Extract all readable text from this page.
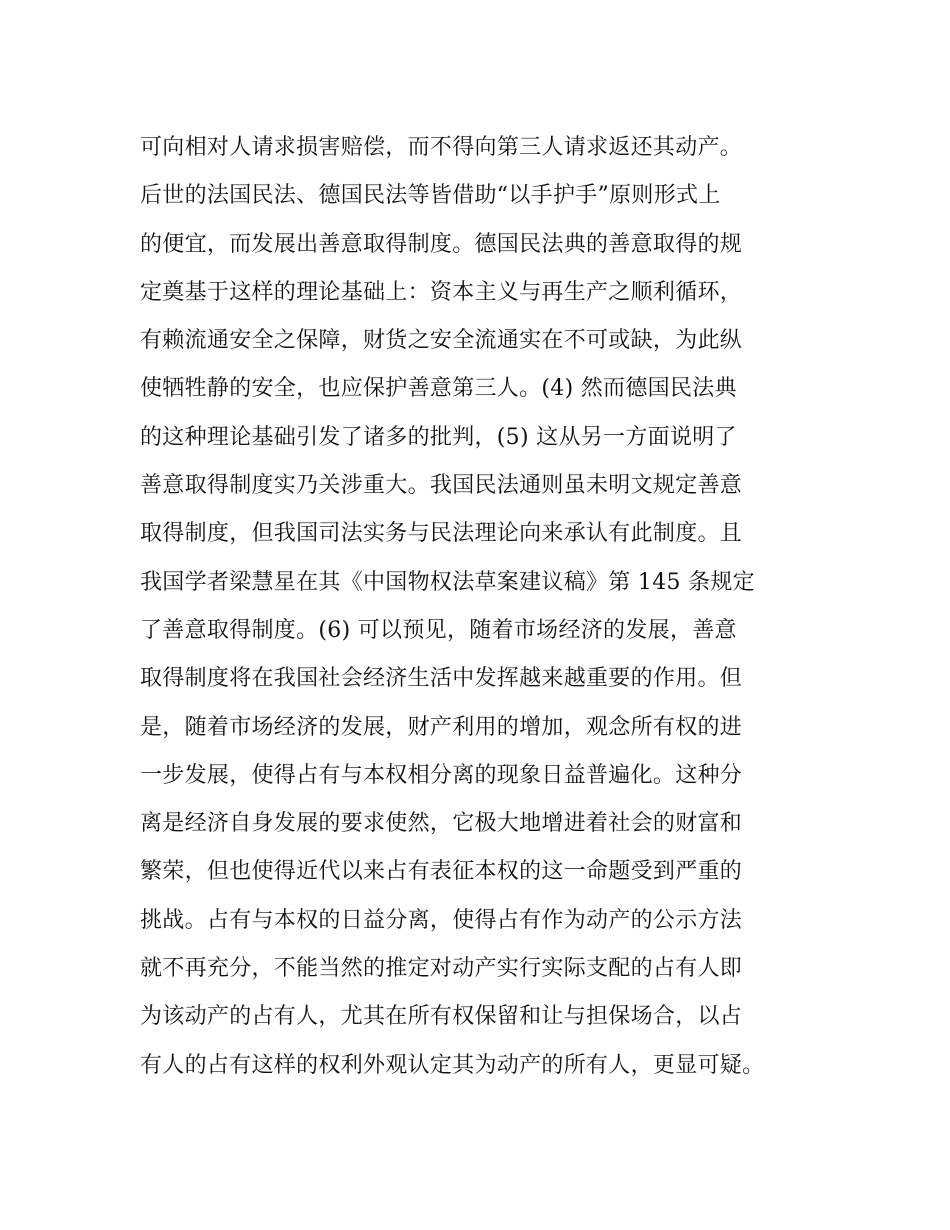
可向相对人请求损害赔偿，而不得向第三人请求返还其动产。
后世的法国民法、德国民法等皆借助“以手护手”原则形式上
的便宜，而发展出善意取得制度。德国民法典的善意取得的规
定奠基于这样的理论基础上：资本主义与再生产之顺利循环，
有赖流通安全之保障，财货之安全流通实在不可或缺，为此纵
使牺牲静的安全，也应保护善意第三人。(4) 然而德国民法典
的这种理论基础引发了诸多的批判，(5) 这从另一方面说明了
善意取得制度实乃关涉重大。我国民法通则虽未明文规定善意
取得制度，但我国司法实务与民法理论向来承认有此制度。且
我国学者梁慧星在其《中国物权法草案建议稿》第 145 条规定
了善意取得制度。(6) 可以预见，随着市场经济的发展，善意
取得制度将在我国社会经济生活中发挥越来越重要的作用。但
是，随着市场经济的发展，财产利用的增加，观念所有权的进
一步发展，使得占有与本权相分离的现象日益普遍化。这种分
离是经济自身发展的要求使然，它极大地增进着社会的财富和
繁荣，但也使得近代以来占有表征本权的这一命题受到严重的
挑战。占有与本权的日益分离，使得占有作为动产的公示方法
就不再充分，不能当然的推定对动产实行实际支配的占有人即
为该动产的占有人，尤其在所有权保留和让与担保场合，以占
有人的占有这样的权利外观认定其为动产的所有人，更显可疑。
